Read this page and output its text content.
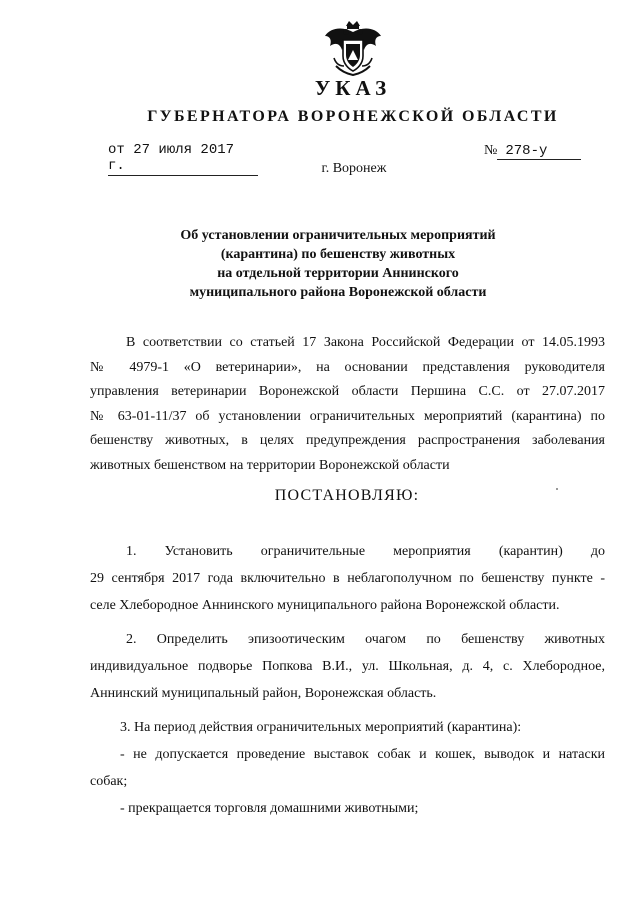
УКАЗ
ГУБЕРНАТОРА ВОРОНЕЖСКОЙ ОБЛАСТИ
от 27 июля 2017 г.
№ 278-у
г. Воронеж
Об установлении ограничительных мероприятий
(карантина) по бешенству животных
на отдельной территории Аннинского
муниципального района Воронежской области
В соответствии со статьей 17 Закона Российской Федерации от 14.05.1993
№ 4979-1 «О ветеринарии», на основании представления руководителя
управления ветеринарии Воронежской области Першина С.С. от 27.07.2017
№ 63-01-11/37 об установлении ограничительных мероприятий (карантина) по
бешенству животных, в целях предупреждения распространения заболевания
животных бешенством на территории Воронежской области
ПОСТАНОВЛЯЮ:
1. Установить ограничительные мероприятия (карантин) до
29 сентября 2017 года включительно в неблагополучном по бешенству пункте -
селе Хлебородное Аннинского муниципального района Воронежской области.
2. Определить эпизоотическим очагом по бешенству животных
индивидуальное подворье Попкова В.И., ул. Школьная, д. 4, с. Хлебородное,
Аннинский муниципальный район, Воронежская область.
3. На период действия ограничительных мероприятий (карантина):
- не допускается проведение выставок собак и кошек, выводок и натаски
собак;
- прекращается торговля домашними животными;
